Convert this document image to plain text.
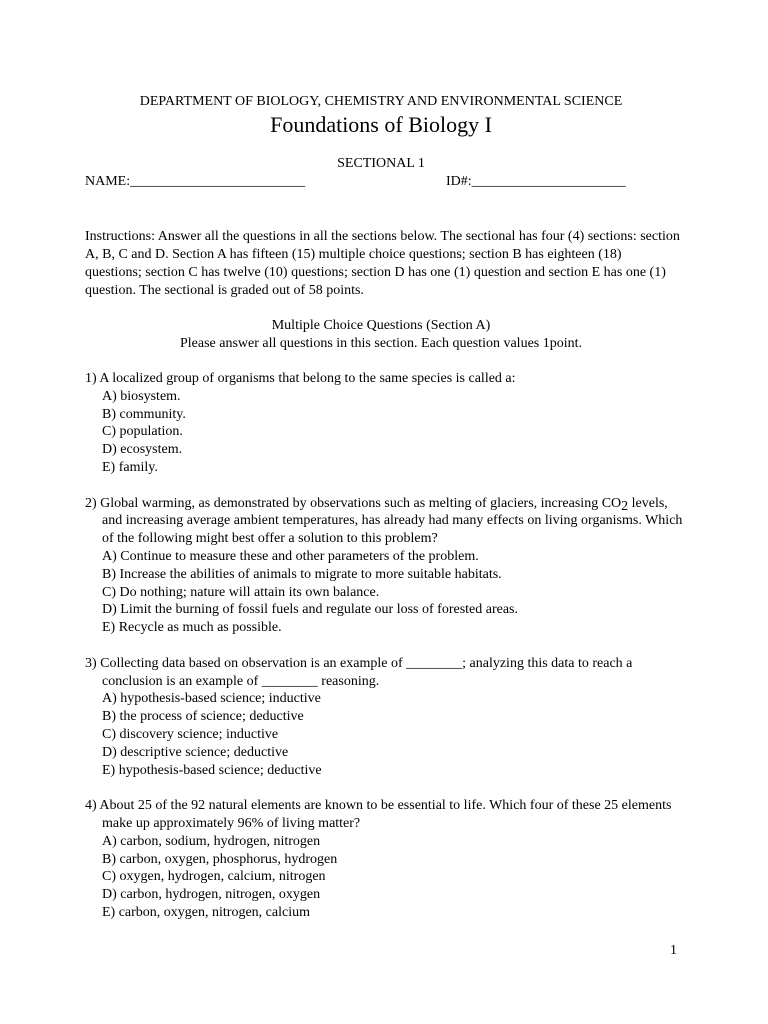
DEPARTMENT OF BIOLOGY, CHEMISTRY AND ENVIRONMENTAL SCIENCE
Foundations of Biology I
SECTIONAL 1
NAME:_________________________	ID#:______________________
Instructions: Answer all the questions in all the sections below. The sectional has four (4) sections: section A, B, C and D. Section A has fifteen (15) multiple choice questions; section B has eighteen (18) questions; section C has twelve (10) questions; section D has one (1) question and section E has one (1) question. The sectional is graded out of 58 points.
Multiple Choice Questions (Section A)
Please answer all questions in this section. Each question values 1point.
1) A localized group of organisms that belong to the same species is called a:
A) biosystem.
B) community.
C) population.
D) ecosystem.
E) family.
2) Global warming, as demonstrated by observations such as melting of glaciers, increasing CO2 levels, and increasing average ambient temperatures, has already had many effects on living organisms. Which of the following might best offer a solution to this problem?
A) Continue to measure these and other parameters of the problem.
B) Increase the abilities of animals to migrate to more suitable habitats.
C) Do nothing; nature will attain its own balance.
D) Limit the burning of fossil fuels and regulate our loss of forested areas.
E) Recycle as much as possible.
3) Collecting data based on observation is an example of ________; analyzing this data to reach a conclusion is an example of ________ reasoning.
A) hypothesis-based science; inductive
B) the process of science; deductive
C) discovery science; inductive
D) descriptive science; deductive
E) hypothesis-based science; deductive
4) About 25 of the 92 natural elements are known to be essential to life. Which four of these 25 elements make up approximately 96% of living matter?
A) carbon, sodium, hydrogen, nitrogen
B) carbon, oxygen, phosphorus, hydrogen
C) oxygen, hydrogen, calcium, nitrogen
D) carbon, hydrogen, nitrogen, oxygen
E) carbon, oxygen, nitrogen, calcium
1
